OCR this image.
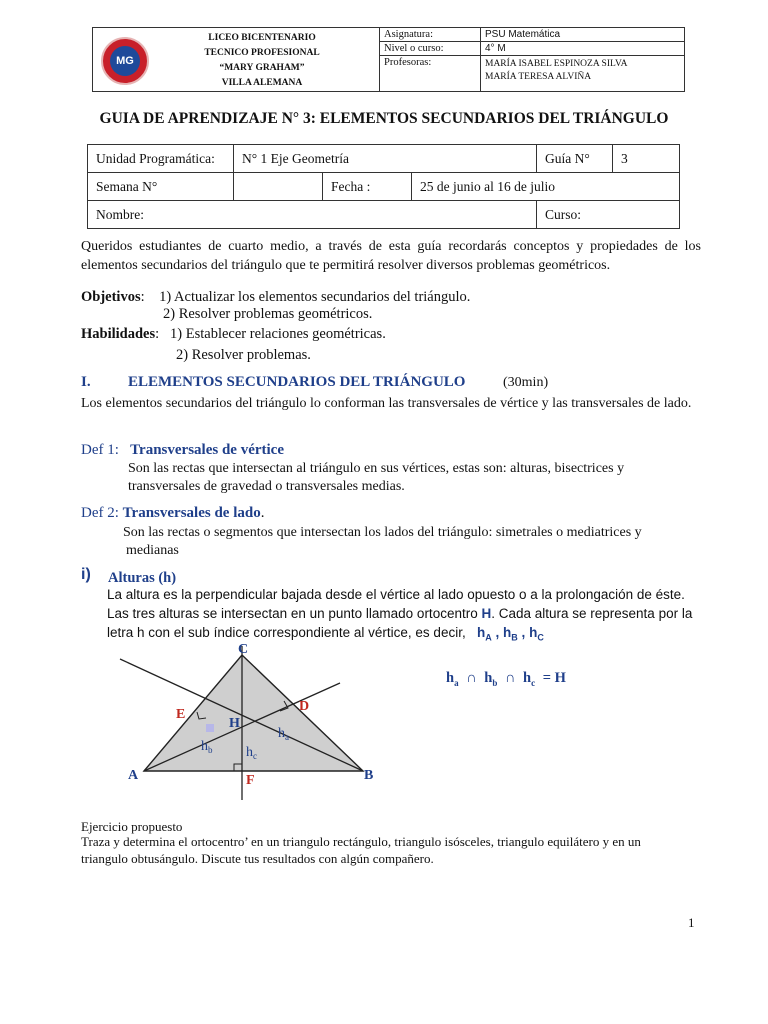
MG
LICEO BICENTENARIO
TECNICO PROFESIONAL
“MARY GRAHAM”
VILLA ALEMANA	Asignatura:	PSU Matemática
	Nivel o curso:	4° M
	Profesoras:	MARÍA ISABEL ESPINOZA SILVA
MARÍA TERESA ALVIÑA
GUIA DE APRENDIZAJE N° 3: ELEMENTOS SECUNDARIOS DEL TRIÁNGULO
Unidad Programática:	N° 1 Eje Geometría			Guía N°	3
Semana N°		Fecha :	25 de junio al 16 de julio		
Nombre:				Curso:	

Queridos estudiantes de cuarto medio, a través de esta guía recordarás conceptos y propiedades de los elementos secundarios del triángulo que te permitirá resolver diversos problemas geométricos.

Objetivos:    1) Actualizar los elementos secundarios del triángulo.
2) Resolver problemas geométricos.
Habilidades:   1) Establecer relaciones geométricas.
2) Resolver problemas.
I. ELEMENTOS SECUNDARIOS DEL TRIÁNGULO	(30min)

Los elementos secundarios del triángulo lo conforman las transversales de vértice y las transversales de lado.

Def 1: Transversales de vértice
Son las rectas que intersectan al triángulo en sus vértices, estas son: alturas, bisectrices y
transversales de gravedad o transversales medias.
Def 2: Transversales de lado.
Son las rectas o segmentos que intersectan los lados del triángulo: simetrales o mediatrices y
medianas
i) Alturas (h)
La altura es la perpendicular bajada desde el vértice al lado opuesto o a la prolongación de éste.
Las tres alturas se intersectan en un punto llamado ortocentro H. Cada altura se representa por la
letra h con el sub índice correspondiente al vértice, es decir, $h_A$ , $h_B$ , $h_C$
C
A	B
D
E
F
H
$h_a$
$h_b$ $h_c$
$h_a$ ∩ $h_b$ ∩ $h_c = H$
Ejercicio propuesto
Traza y determina el ortocentro’ en un triangulo rectángulo, triangulo isósceles, triangulo equilátero y en un
triangulo obtusángulo. Discute tus resultados con algún compañero.
1
